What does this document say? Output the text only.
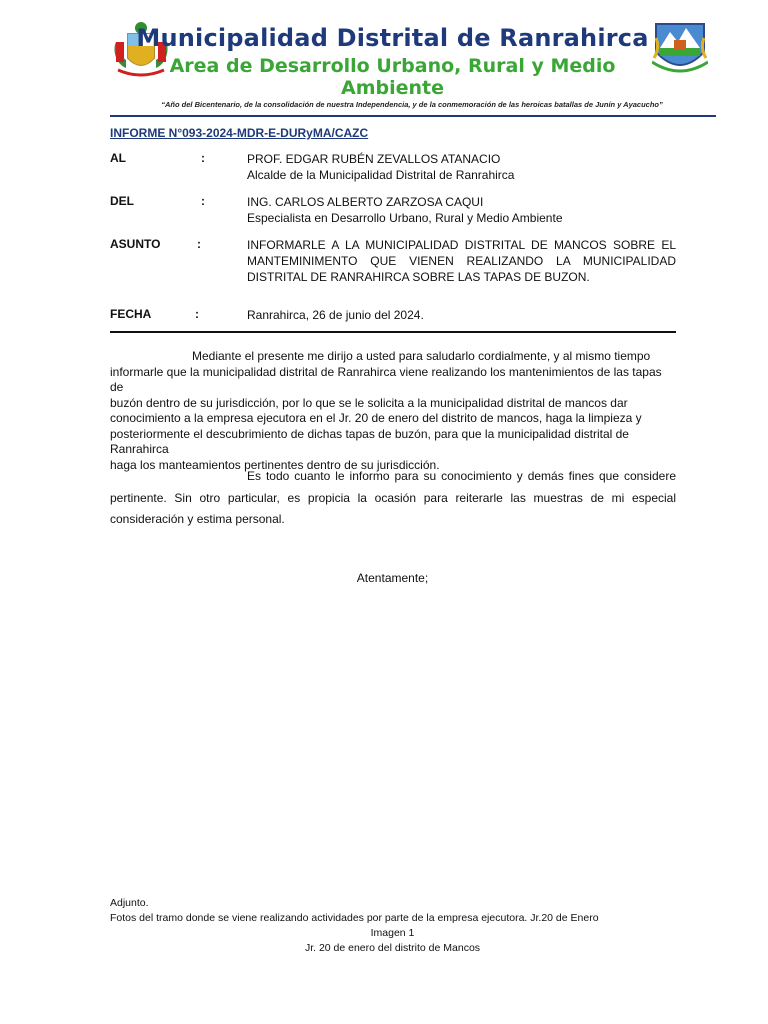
Municipalidad Distrital de Ranrahirca
Area de Desarrollo Urbano, Rural y Medio Ambiente
“Año del Bicentenario, de la consolidación de nuestra Independencia, y de la conmemoración de las heroicas batallas de Junín y Ayacucho”
INFORME N°093-2024-MDR-E-DURyMA/CAZC
AL	:	PROF. EDGAR RUBÉN ZEVALLOS ATANACIO
Alcalde de la Municipalidad Distrital de Ranrahirca
DEL	:	ING. CARLOS ALBERTO ZARZOSA CAQUI
Especialista en Desarrollo Urbano, Rural y Medio Ambiente
ASUNTO	:	INFORMARLE A LA MUNICIPALIDAD DISTRITAL DE MANCOS SOBRE EL MANTEMINIMENTO QUE VIENEN REALIZANDO LA MUNICIPALIDAD DISTRITAL DE RANRAHIRCA SOBRE LAS TAPAS DE BUZON.
FECHA	:	Ranrahirca, 26 de junio del 2024.
Mediante el presente me dirijo a usted para saludarlo cordialmente, y al mismo tiempo
informarle que la municipalidad distrital de Ranrahirca viene realizando los mantenimientos de las tapas de
buzón dentro de su jurisdicción, por lo que se le solicita a la municipalidad distrital de mancos dar
conocimiento a la empresa ejecutora en el Jr. 20 de enero del distrito de mancos, haga la limpieza y
posteriormente el descubrimiento de dichas tapas de buzón, para que la municipalidad distrital de Ranrahirca
haga los manteamientos pertinentes dentro de su jurisdicción.
Es todo cuanto le informo para su conocimiento y demás fines que considere pertinente. Sin otro particular, es propicia la ocasión para reiterarle las muestras de mi especial consideración y estima personal.
Atentamente;
Adjunto.
Fotos del tramo donde se viene realizando actividades por parte de la empresa ejecutora. Jr.20 de Enero
Imagen 1
Jr. 20 de enero del distrito de Mancos
